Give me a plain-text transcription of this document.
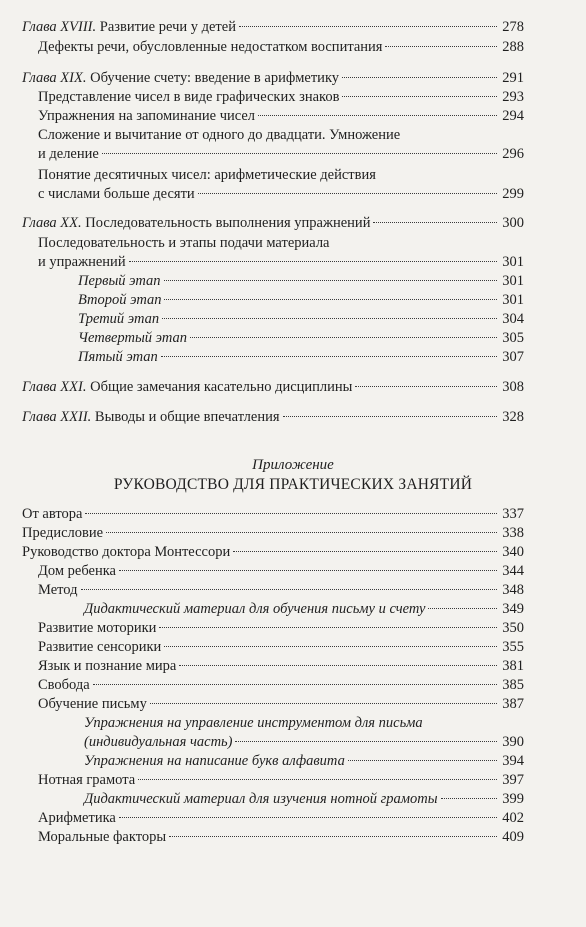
Глава XVIII. Развитие речи у детей	278
Дефекты речи, обусловленные недостатком воспитания	288
Глава XIX. Обучение счету: введение в арифметику	291
Представление чисел в виде графических знаков	293
Упражнения на запоминание чисел	294
Сложение и вычитание от одного до двадцати. Умножение
и деление	296
Понятие десятичных чисел: арифметические действия
с числами больше десяти	299
Глава XX. Последовательность выполнения упражнений	300
Последовательность и этапы подачи материала
и упражнений	301
Первый этап	301
Второй этап	301
Третий этап	304
Четвертый этап	305
Пятый этап	307
Глава XXI. Общие замечания касательно дисциплины	308
Глава XXII. Выводы и общие впечатления	328
Приложение
РУКОВОДСТВО ДЛЯ ПРАКТИЧЕСКИХ ЗАНЯТИЙ
От автора	337
Предисловие	338
Руководство доктора Монтессори	340
Дом ребенка	344
Метод	348
Дидактический материал для обучения письму и счету	349
Развитие моторики	350
Развитие сенсорики	355
Язык и познание мира	381
Свобода	385
Обучение письму	387
Упражнения на управление инструментом для письма
(индивидуальная часть)	390
Упражнения на написание букв алфавита	394
Нотная грамота	397
Дидактический материал для изучения нотной грамоты	399
Арифметика	402
Моральные факторы	409
